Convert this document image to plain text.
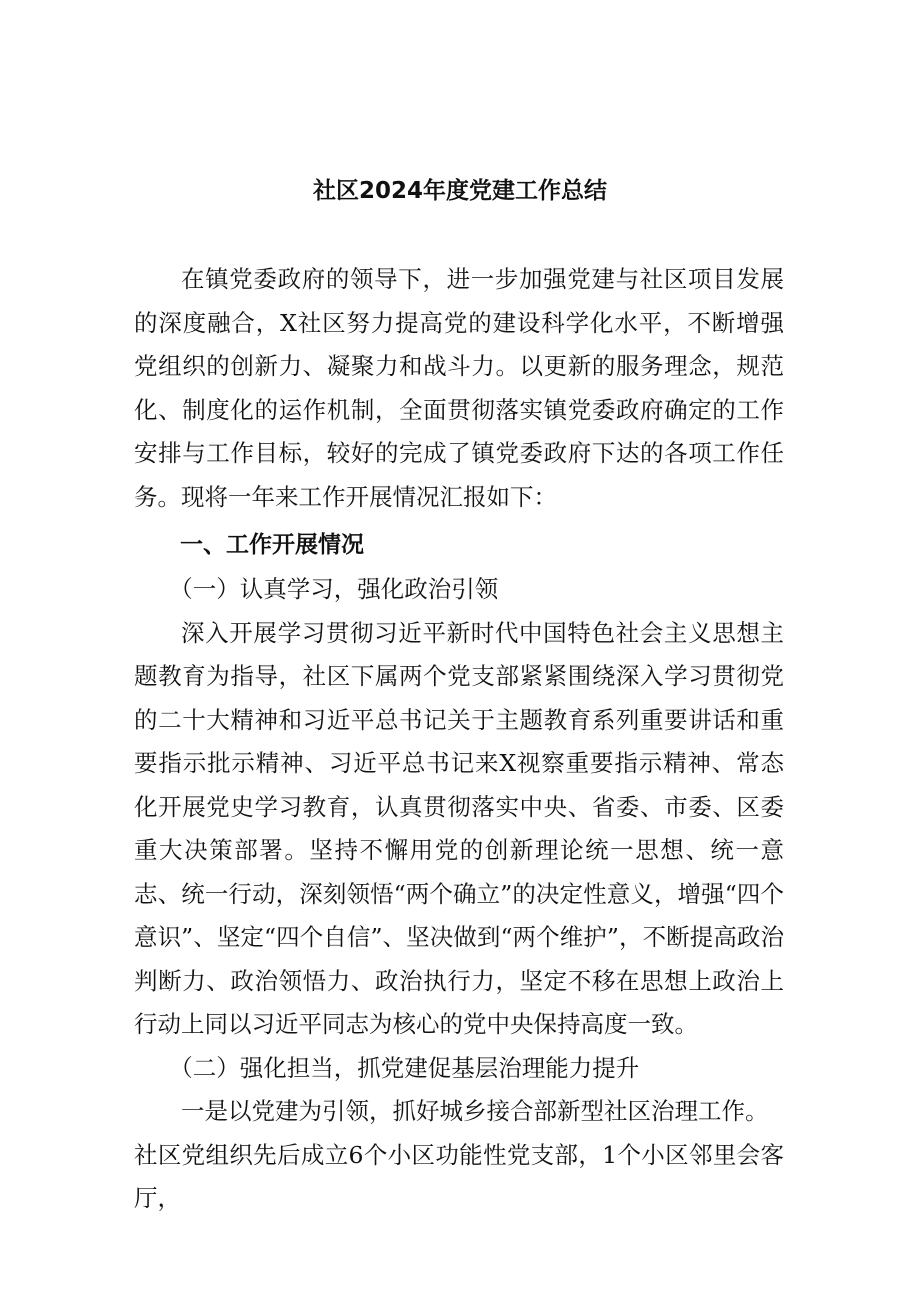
社区2024年度党建工作总结

在镇党委政府的领导下，进一步加强党建与社区项目发展的深度融合，X社区努力提高党的建设科学化水平，不断增强党组织的创新力、凝聚力和战斗力。以更新的服务理念，规范化、制度化的运作机制，全面贯彻落实镇党委政府确定的工作安排与工作目标，较好的完成了镇党委政府下达的各项工作任务。现将一年来工作开展情况汇报如下：

一、工作开展情况

（一）认真学习，强化政治引领

深入开展学习贯彻习近平新时代中国特色社会主义思想主题教育为指导，社区下属两个党支部紧紧围绕深入学习贯彻党的二十大精神和习近平总书记关于主题教育系列重要讲话和重要指示批示精神、习近平总书记来X视察重要指示精神、常态化开展党史学习教育，认真贯彻落实中央、省委、市委、区委重大决策部署。坚持不懈用党的创新理论统一思想、统一意志、统一行动，深刻领悟“两个确立”的决定性意义，增强“四个意识”、坚定“四个自信”、坚决做到“两个维护”，不断提高政治判断力、政治领悟力、政治执行力，坚定不移在思想上政治上行动上同以习近平同志为核心的党中央保持高度一致。

（二）强化担当，抓党建促基层治理能力提升

一是以党建为引领，抓好城乡接合部新型社区治理工作。

社区党组织先后成立6个小区功能性党支部，1个小区邻里会客厅，
